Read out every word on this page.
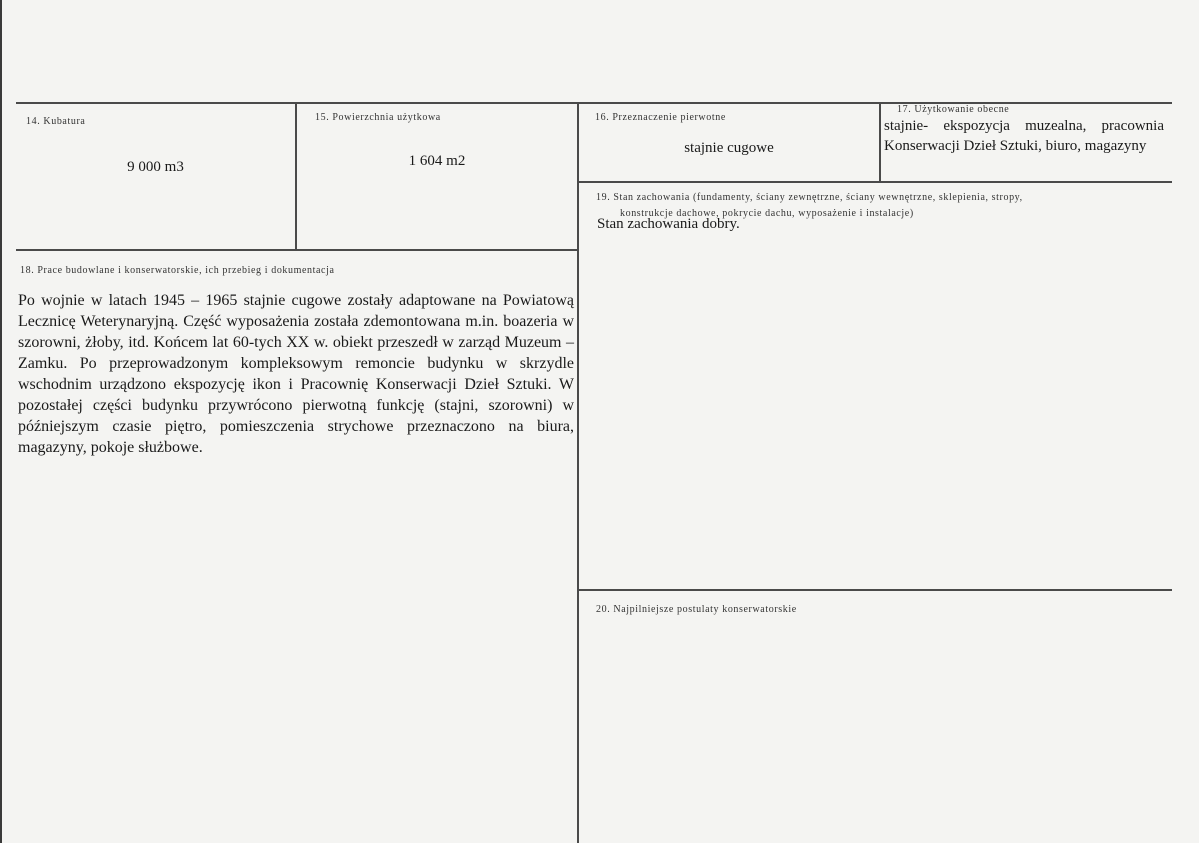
14. Kubatura
9 000 m3
15. Powierzchnia użytkowa
1 604 m2
16. Przeznaczenie pierwotne
stajnie cugowe
17. Użytkowanie obecne
stajnie- ekspozycja muzealna, pracownia Konserwacji Dzieł Sztuki, biuro, magazyny
19. Stan zachowania (fundamenty, ściany zewnętrzne, ściany wewnętrzne, sklepienia, stropy,
konstrukcje dachowe, pokrycie dachu, wyposażenie i instalacje)
Stan zachowania dobry.
18. Prace budowlane i konserwatorskie, ich przebieg i dokumentacja
Po wojnie w latach 1945 – 1965 stajnie cugowe zostały adaptowane na Powiatową Lecznicę Weterynaryjną. Część wyposażenia została zdemontowana m.in. boazeria w szorowni, żłoby, itd. Końcem lat 60-tych XX w. obiekt przeszedł w zarząd Muzeum – Zamku. Po przeprowadzonym kompleksowym remoncie budynku w skrzydle wschodnim urządzono ekspozycję ikon i Pracownię Konserwacji Dzieł Sztuki. W pozostałej części budynku przywrócono pierwotną funkcję (stajni, szorowni) w późniejszym czasie piętro, pomieszczenia strychowe przeznaczono na biura, magazyny, pokoje służbowe.
20. Najpilniejsze postulaty konserwatorskie
